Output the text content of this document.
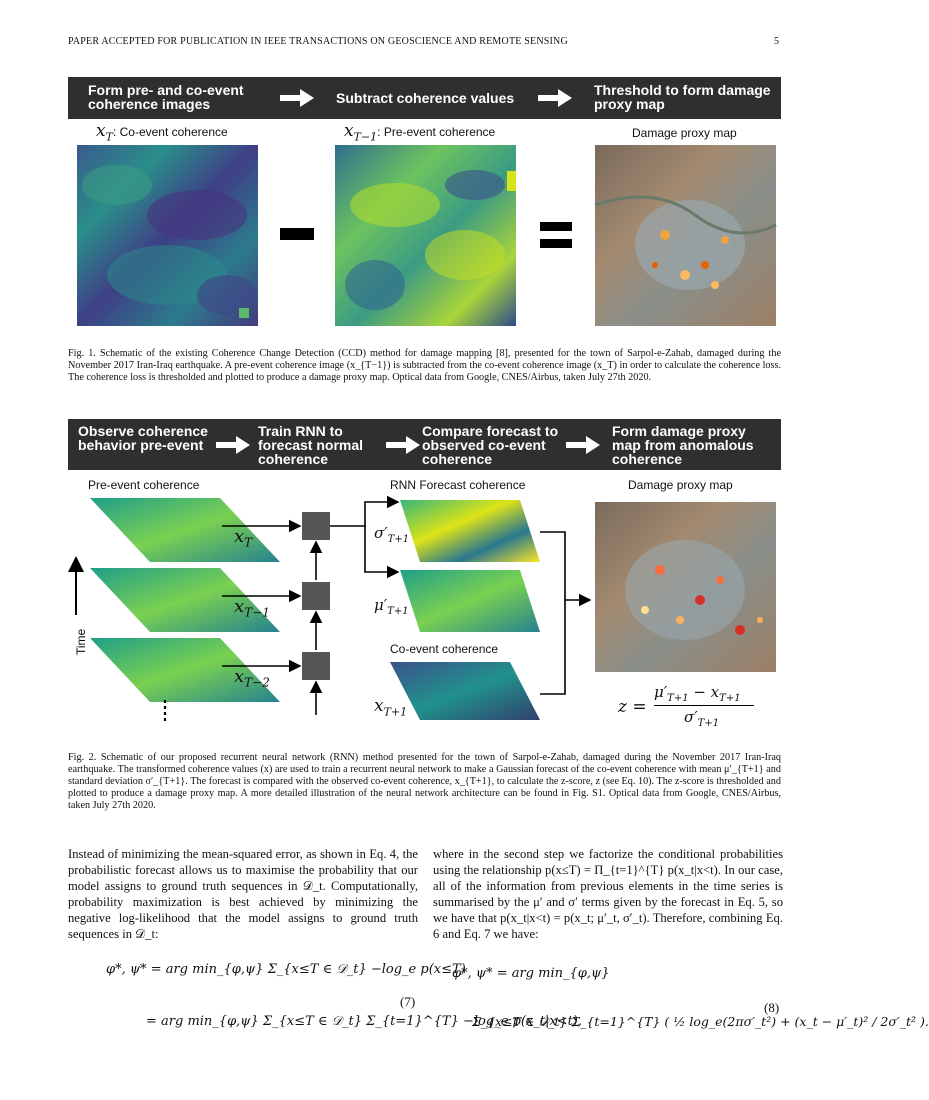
PAPER ACCEPTED FOR PUBLICATION IN IEEE TRANSACTIONS ON GEOSCIENCE AND REMOTE SENSING	5
Form pre- and co-event coherence images	Subtract coherence values	Threshold to form damage proxy map
$x_T$: Co-event coherence	$x_{T-1}$: Pre-event coherence	Damage proxy map
Fig. 1. Schematic of the existing Coherence Change Detection (CCD) method for damage mapping [8], presented for the town of Sarpol-e-Zahab, damaged during the November 2017 Iran-Iraq earthquake. A pre-event coherence image (x_{T−1}) is subtracted from the co-event coherence image (x_T) in order to calculate the coherence loss. The coherence loss is thresholded and plotted to produce a damage proxy map. Optical data from Google, CNES/Airbus, taken July 27th 2020.
Observe coherence behavior pre-event
Train RNN to forecast normal coherence
Compare forecast to observed co-event coherence
Form damage proxy map from anomalous coherence
Pre-event coherence	RNN Forecast coherence	Damage proxy map
Time
$x_T$
$x_{T-1}$
$x_{T-2}$
$\sigma'_{T+1}$
$\mu'_{T+1}$
Co-event coherence
$x_{T+1}$	z =
$\mu'_{T+1} - x_{T+1}$
$\sigma'_{T+1}$
Fig. 2. Schematic of our proposed recurrent neural network (RNN) method presented for the town of Sarpol-e-Zahab, damaged during the November 2017 Iran-Iraq earthquake. The transformed coherence values (x) are used to train a recurrent neural network to make a Gaussian forecast of the co-event coherence with mean μ′_{T+1} and standard deviation σ′_{T+1}. The forecast is compared with the observed co-event coherence, x_{T+1}, to calculate the z-score, z (see Eq. 10). The z-score is thresholded and plotted to produce a damage proxy map. A more detailed illustration of the neural network architecture can be found in Fig. S1. Optical data from Google, CNES/Airbus, taken July 27th 2020.
Instead of minimizing the mean-squared error, as shown in Eq. 4, the probabilistic forecast allows us to maximise the probability that our model assigns to ground truth sequences in 𝒟_t. Computationally, probability maximization is best achieved by minimizing the negative log-likelihood that the model assigns to ground truth sequences in 𝒟_t:
where in the second step we factorize the conditional probabilities using the relationship p(x≤T) = Π_{t=1}^{T} p(x_t|x<t). In our case, all of the information from previous elements in the time series is summarised by the μ′ and σ′ terms given by the forecast in Eq. 5, so we have that p(x_t|x<t) = p(x_t; μ′_t, σ′_t). Therefore, combining Eq. 6 and Eq. 7 we have:
φ*, ψ* = arg min_{φ,ψ} Σ_{x≤T ∈ 𝒟_t} −log_e p(x≤T)
= arg min_{φ,ψ} Σ_{x≤T ∈ 𝒟_t} Σ_{t=1}^{T} −log_e p(x_t|x<t),
(7)
φ*, ψ* = arg min_{φ,ψ}
Σ_{x≤T ∈ 𝒟_t} Σ_{t=1}^{T} ( ½ log_e(2πσ′_t²) + (x_t − μ′_t)² / 2σ′_t² ).
(8)
